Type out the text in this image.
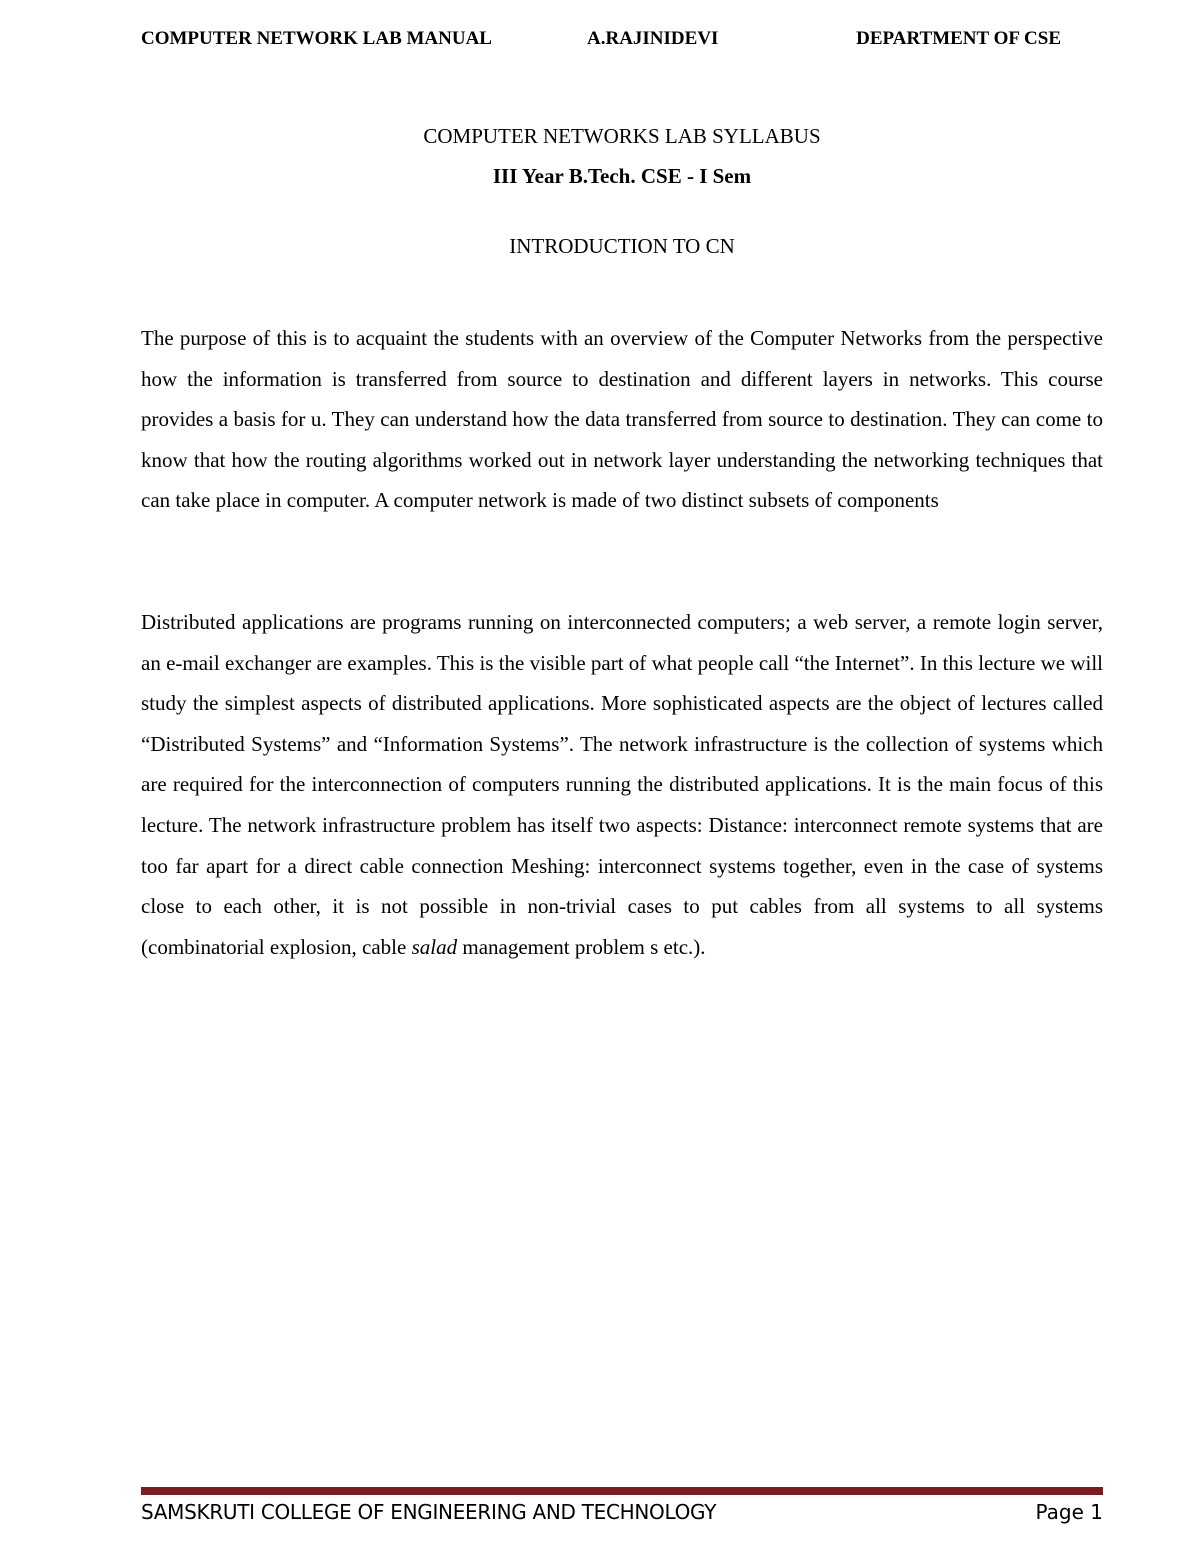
COMPUTER NETWORK LAB MANUAL	A.RAJINIDEVI	DEPARTMENT OF CSE

COMPUTER NETWORKS LAB SYLLABUS

III Year B.Tech. CSE - I Sem

INTRODUCTION TO CN

The purpose of this is to acquaint the students with an overview of the Computer Networks from the perspective how the information is transferred from source to destination and different layers in networks. This course provides a basis for u. They can understand how the data transferred from source to destination. They can come to know that how the routing algorithms worked out in network layer understanding the networking techniques that can take place in computer. A computer network is made of two distinct subsets of components

Distributed applications are programs running on interconnected computers; a web server, a remote login server, an e-mail exchanger are examples. This is the visible part of what people call “the Internet”. In this lecture we will study the simplest aspects of distributed applications. More sophisticated aspects are the object of lectures called “Distributed Systems” and “Information Systems”. The network infrastructure is the collection of systems which are required for the interconnection of computers running the distributed applications. It is the main focus of this lecture. The network infrastructure problem has itself two aspects: Distance: interconnect remote systems that are too far apart for a direct cable connection Meshing: interconnect systems together, even in the case of systems close to each other, it is not possible in non-trivial cases to put cables from all systems to all systems (combinatorial explosion, cable salad management problem s etc.).

SAMSKRUTI COLLEGE OF ENGINEERING AND TECHNOLOGY	Page 1
